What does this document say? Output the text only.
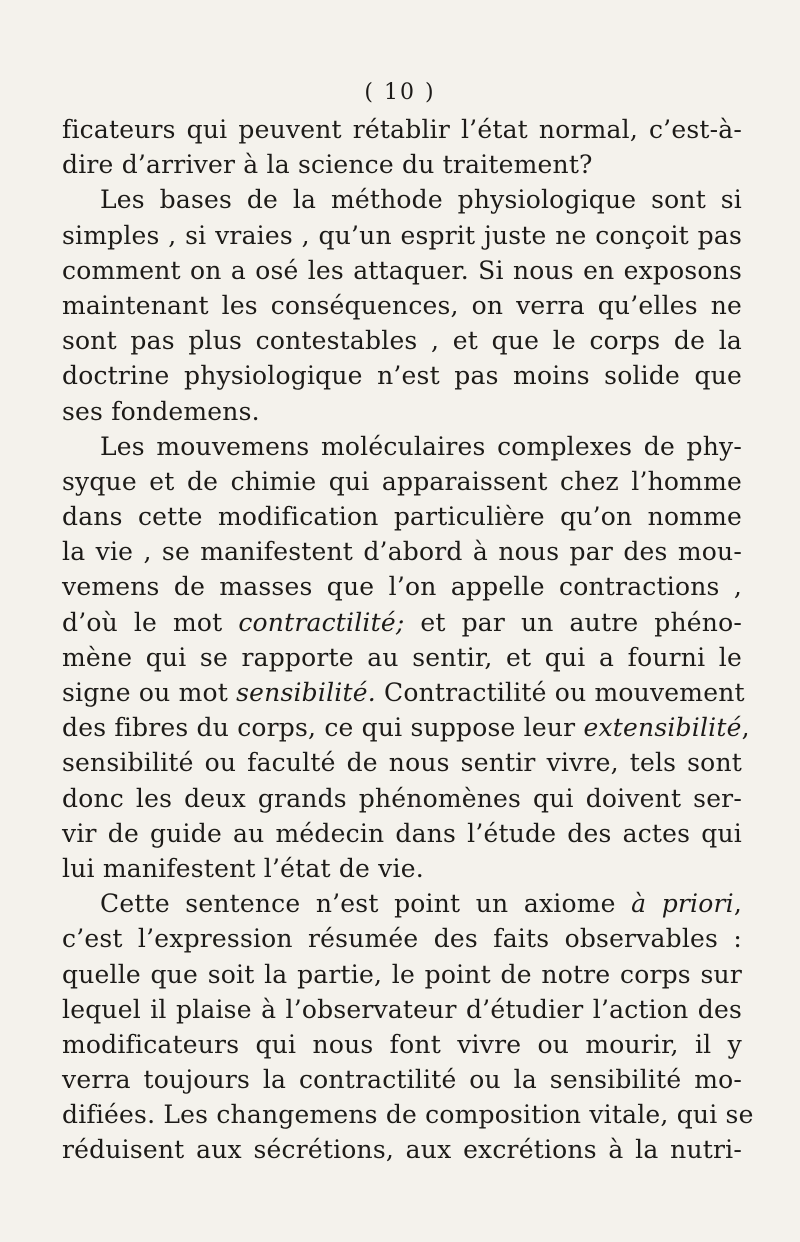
( 10 )
ficateurs qui peuvent rétablir l’état normal, c’est-à-
dire d’arriver à la science du traitement?
Les bases de la méthode physiologique sont si
simples , si vraies , qu’un esprit juste ne conçoit pas
comment on a osé les attaquer. Si nous en exposons
maintenant les conséquences, on verra qu’elles ne
sont pas plus contestables , et que le corps de la
doctrine physiologique n’est pas moins solide que
ses fondemens.
Les mouvemens moléculaires complexes de phy-
syque et de chimie qui apparaissent chez l’homme
dans cette modification particulière qu’on nomme
la vie , se manifestent d’abord à nous par des mou-
vemens de masses que l’on appelle contractions ,
d’où le mot contractilité; et par un autre phéno-
mène qui se rapporte au sentir, et qui a fourni le
signe ou mot sensibilité. Contractilité ou mouvement
des fibres du corps, ce qui suppose leur extensibilité,
sensibilité ou faculté de nous sentir vivre, tels sont
donc les deux grands phénomènes qui doivent ser-
vir de guide au médecin dans l’étude des actes qui
lui manifestent l’état de vie.
Cette sentence n’est point un axiome à priori,
c’est l’expression résumée des faits observables :
quelle que soit la partie, le point de notre corps sur
lequel il plaise à l’observateur d’étudier l’action des
modificateurs qui nous font vivre ou mourir, il y
verra toujours la contractilité ou la sensibilité mo-
difiées. Les changemens de composition vitale, qui se
réduisent aux sécrétions, aux excrétions à la nutri-
